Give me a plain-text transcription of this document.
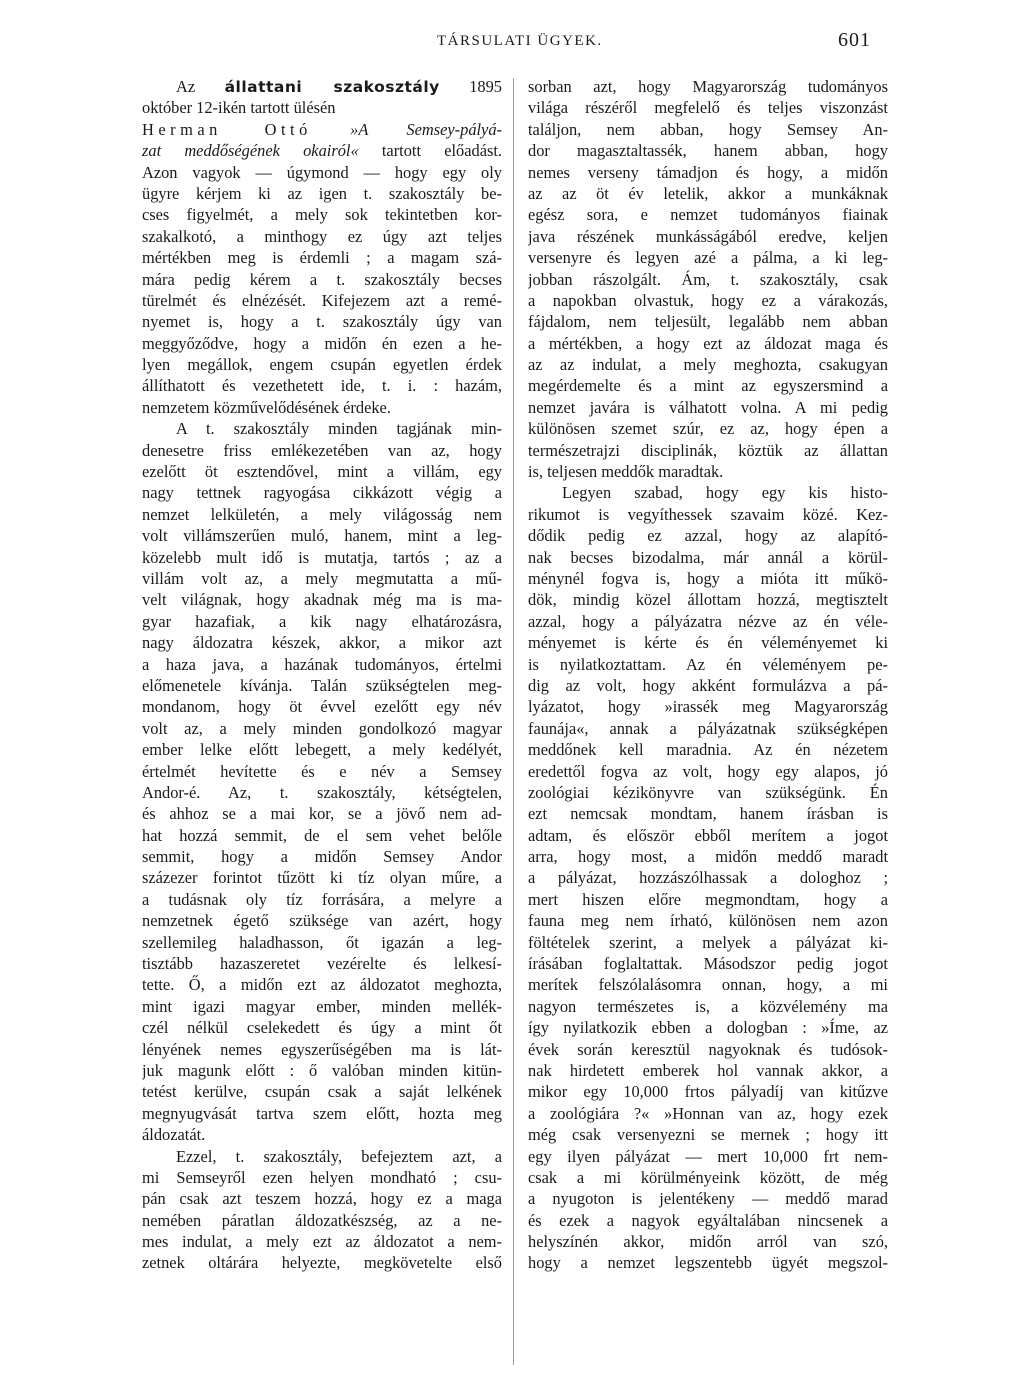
TÁRSULATI ÜGYEK.	601
Az állattani szakosztály 1895
október 12-ikén tartott ülésén
Herman Ottó »A Semsey-pályá-
zat meddőségének okairól« tartott előadást.
Azon vagyok — úgymond — hogy egy oly
ügyre kérjem ki az igen t. szakosztály be-
cses figyelmét, a mely sok tekintetben kor-
szakalkotó, a minthogy ez úgy azt teljes
mértékben meg is érdemli ; a magam szá-
mára pedig kérem a t. szakosztály becses
türelmét és elnézését. Kifejezem azt a remé-
nyemet is, hogy a t. szakosztály úgy van
meggyőződve, hogy a midőn én ezen a he-
lyen megállok, engem csupán egyetlen érdek
állíthatott és vezethetett ide, t. i. : hazám,
nemzetem közművelődésének érdeke.
A t. szakosztály minden tagjának min-
denesetre friss emlékezetében van az, hogy
ezelőtt öt esztendővel, mint a villám, egy
nagy tettnek ragyogása cikkázott végig a
nemzet lelkületén, a mely világosság nem
volt villámszerűen muló, hanem, mint a leg-
közelebb mult idő is mutatja, tartós ; az a
villám volt az, a mely megmutatta a mű-
velt világnak, hogy akadnak még ma is ma-
gyar hazafiak, a kik nagy elhatározásra,
nagy áldozatra készek, akkor, a mikor azt
a haza java, a hazának tudományos, értelmi
előmenetele kívánja. Talán szükségtelen meg-
mondanom, hogy öt évvel ezelőtt egy név
volt az, a mely minden gondolkozó magyar
ember lelke előtt lebegett, a mely kedélyét,
értelmét hevítette és e név a Semsey
Andor-é. Az, t. szakosztály, kétségtelen,
és ahhoz se a mai kor, se a jövő nem ad-
hat hozzá semmit, de el sem vehet belőle
semmit, hogy a midőn Semsey Andor
százezer forintot tűzött ki tíz olyan műre, a
a tudásnak oly tíz forrására, a melyre a
nemzetnek égető szüksége van azért, hogy
szellemileg haladhasson, őt igazán a leg-
tisztább hazaszeretet vezérelte és lelkesí-
tette. Ő, a midőn ezt az áldozatot meghozta,
mint igazi magyar ember, minden mellék-
czél nélkül cselekedett és úgy a mint őt
lényének nemes egyszerűségében ma is lát-
juk magunk előtt : ő valóban minden kitün-
tetést kerülve, csupán csak a saját lelkének
megnyugvását tartva szem előtt, hozta meg
áldozatát.
Ezzel, t. szakosztály, befejeztem azt, a
mi Semseyről ezen helyen mondható ; csu-
pán csak azt teszem hozzá, hogy ez a maga
nemében páratlan áldozatkészség, az a ne-
mes indulat, a mely ezt az áldozatot a nem-
zetnek oltárára helyezte, megkövetelte első
sorban azt, hogy Magyarország tudományos
világa részéről megfelelő és teljes viszonzást
találjon, nem abban, hogy Semsey An-
dor magasztaltassék, hanem abban, hogy
nemes verseny támadjon és hogy, a midőn
az az öt év letelik, akkor a munkáknak
egész sora, e nemzet tudományos fiainak
java részének munkásságából eredve, keljen
versenyre és legyen azé a pálma, a ki leg-
jobban rászolgált. Ám, t. szakosztály, csak
a napokban olvastuk, hogy ez a várakozás,
fájdalom, nem teljesült, legalább nem abban
a mértékben, a hogy ezt az áldozat maga és
az az indulat, a mely meghozta, csakugyan
megérdemelte és a mint az egyszersmind a
nemzet javára is válhatott volna. A mi pedig
különösen szemet szúr, ez az, hogy épen a
természetrajzi disciplinák, köztük az állattan
is, teljesen meddők maradtak.
Legyen szabad, hogy egy kis histo-
rikumot is vegyíthessek szavaim közé. Kez-
dődik pedig ez azzal, hogy az alapító-
nak becses bizodalma, már annál a körül-
ménynél fogva is, hogy a mióta itt műkö-
dök, mindig közel állottam hozzá, megtisztelt
azzal, hogy a pályázatra nézve az én véle-
ményemet is kérte és én véleményemet ki
is nyilatkoztattam. Az én véleményem pe-
dig az volt, hogy akként formulázva a pá-
lyázatot, hogy »irassék meg Magyarország
faunája«, annak a pályázatnak szükségképen
meddőnek kell maradnia. Az én nézetem
eredettől fogva az volt, hogy egy alapos, jó
zoológiai kézikönyvre van szükségünk. Én
ezt nemcsak mondtam, hanem írásban is
adtam, és először ebből merítem a jogot
arra, hogy most, a midőn meddő maradt
a pályázat, hozzászólhassak a dologhoz ;
mert hiszen előre megmondtam, hogy a
fauna meg nem írható, különösen nem azon
föltételek szerint, a melyek a pályázat ki-
írásában foglaltattak. Másodszor pedig jogot
merítek felszólalásomra onnan, hogy, a mi
nagyon természetes is, a közvélemény ma
így nyilatkozik ebben a dologban : »Íme, az
évek során keresztül nagyoknak és tudósok-
nak hirdetett emberek hol vannak akkor, a
mikor egy 10,000 frtos pályadíj van kitűzve
a zoológiára ?« »Honnan van az, hogy ezek
még csak versenyezni se mernek ; hogy itt
egy ilyen pályázat — mert 10,000 frt nem-
csak a mi körülményeink között, de még
a nyugoton is jelentékeny — meddő marad
és ezek a nagyok egyáltalában nincsenek a
helyszínén akkor, midőn arról van szó,
hogy a nemzet legszentebb ügyét megszol-
